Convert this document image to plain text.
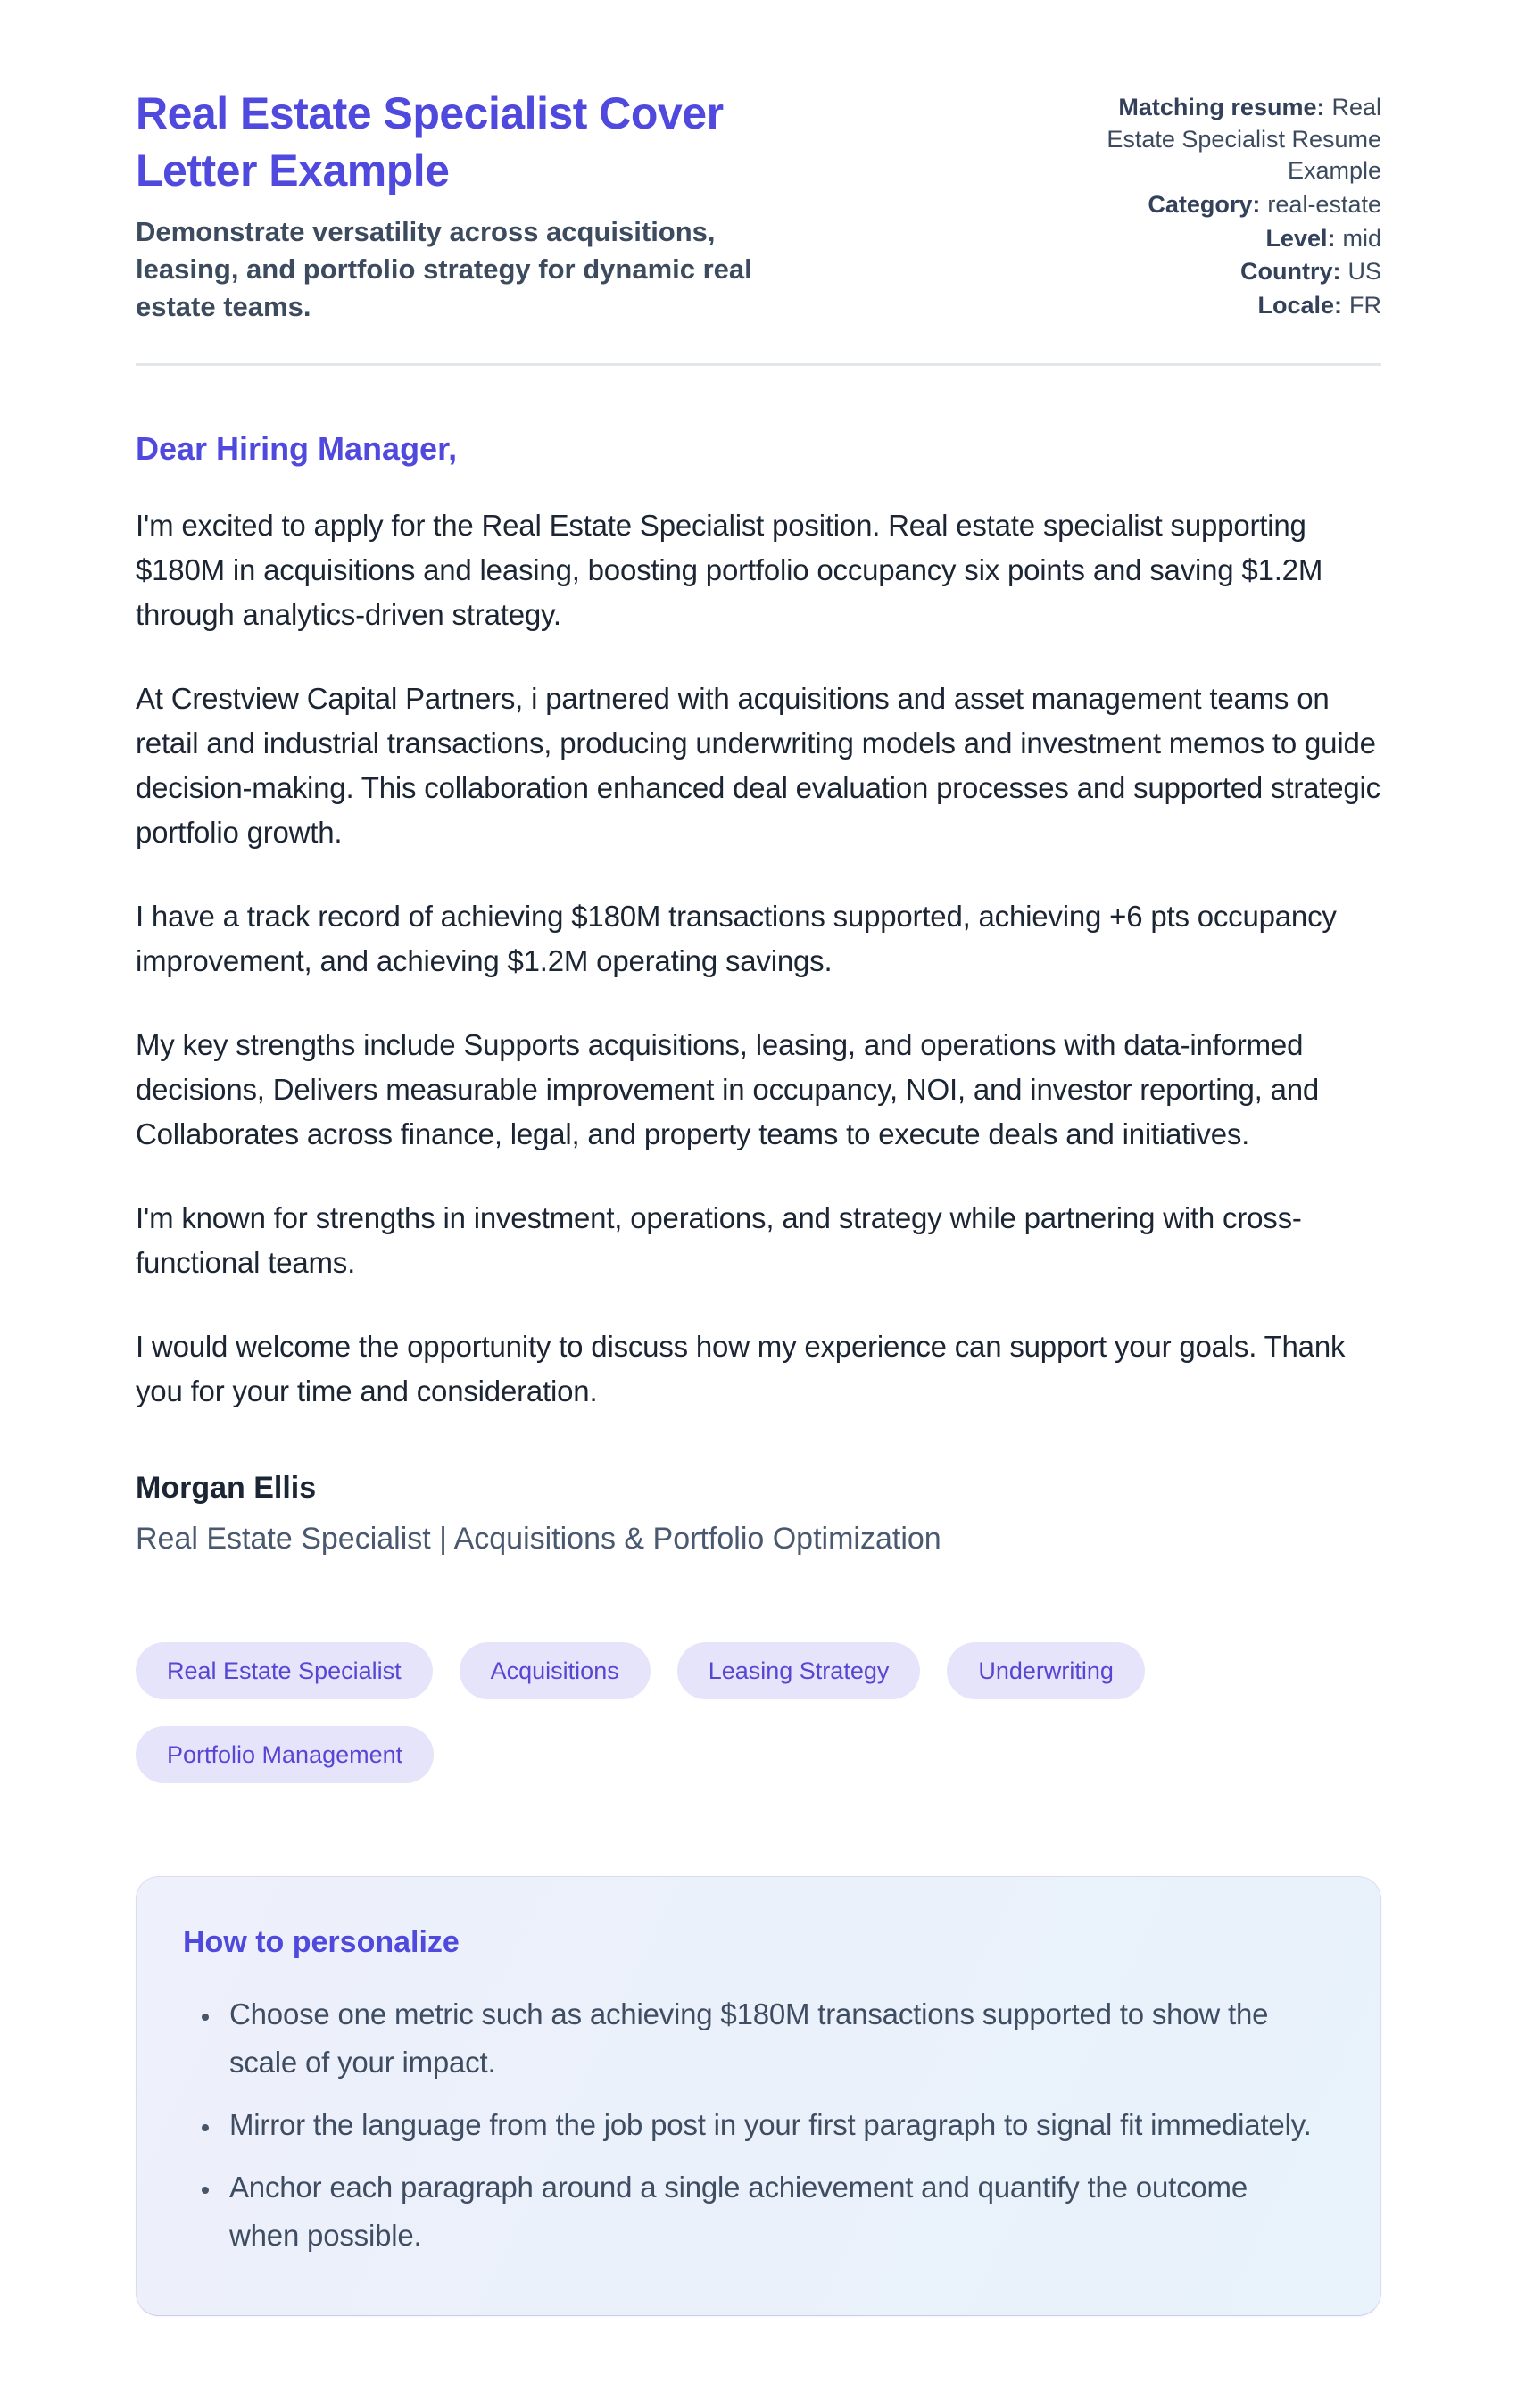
Real Estate Specialist Cover Letter Example

Demonstrate versatility across acquisitions, leasing, and portfolio strategy for dynamic real estate teams.

Matching resume: Real Estate Specialist Resume Example
Category: real-estate
Level: mid
Country: US
Locale: FR

Dear Hiring Manager,

I'm excited to apply for the Real Estate Specialist position. Real estate specialist supporting $180M in acquisitions and leasing, boosting portfolio occupancy six points and saving $1.2M through analytics-driven strategy.

At Crestview Capital Partners, i partnered with acquisitions and asset management teams on retail and industrial transactions, producing underwriting models and investment memos to guide decision-making. This collaboration enhanced deal evaluation processes and supported strategic portfolio growth.

I have a track record of achieving $180M transactions supported, achieving +6 pts occupancy improvement, and achieving $1.2M operating savings.

My key strengths include Supports acquisitions, leasing, and operations with data-informed decisions, Delivers measurable improvement in occupancy, NOI, and investor reporting, and Collaborates across finance, legal, and property teams to execute deals and initiatives.

I'm known for strengths in investment, operations, and strategy while partnering with cross-functional teams.

I would welcome the opportunity to discuss how my experience can support your goals. Thank you for your time and consideration.

Morgan Ellis

Real Estate Specialist | Acquisitions & Portfolio Optimization

Real Estate Specialist	Acquisitions	Leasing Strategy	Underwriting
Portfolio Management
How to personalize
• Choose one metric such as achieving $180M transactions supported to show the scale of your impact.
• Mirror the language from the job post in your first paragraph to signal fit immediately.
• Anchor each paragraph around a single achievement and quantify the outcome when possible.
